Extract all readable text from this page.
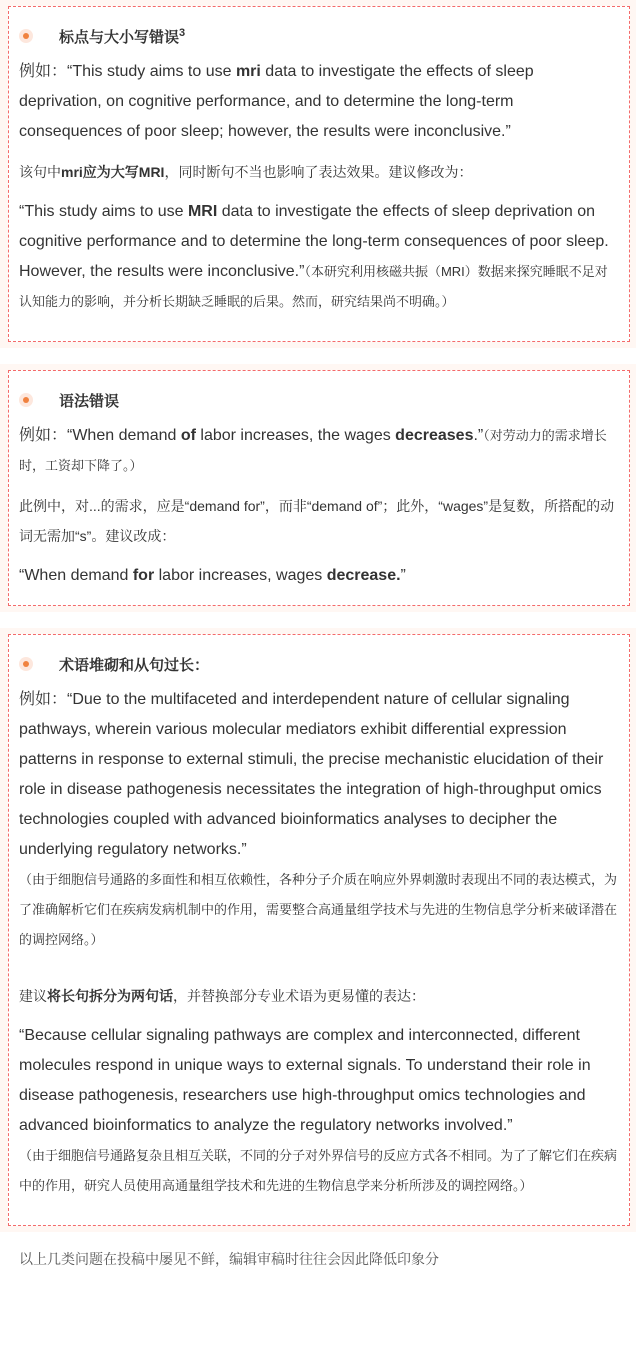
标点与大小写错误$^3$

例如：“This study aims to use mri data to investigate the effects of sleep deprivation, on cognitive performance, and to determine the long-term consequences of poor sleep; however, the results were inconclusive.”

该句中mri应为大写MRI，同时断句不当也影响了表达效果。建议修改为：

“This study aims to use MRI data to investigate the effects of sleep deprivation on cognitive performance and to determine the long-term consequences of poor sleep. However, the results were inconclusive.”（本研究利用核磁共振（MRI）数据来探究睡眠不足对认知能力的影响，并分析长期缺乏睡眠的后果。然而，研究结果尚不明确。）

语法错误

例如：“When demand of labor increases, the wages decreases.”（对劳动力的需求增长时，工资却下降了。）

此例中，对...的需求，应是“demand for”，而非“demand of”；此外，“wages”是复数，所搭配的动词无需加“s”。建议改成：

“When demand for labor increases, wages decrease.”

术语堆砌和从句过长：

例如：“Due to the multifaceted and interdependent nature of cellular signaling pathways, wherein various molecular mediators exhibit differential expression patterns in response to external stimuli, the precise mechanistic elucidation of their role in disease pathogenesis necessitates the integration of high-throughput omics technologies coupled with advanced bioinformatics analyses to decipher the underlying regulatory networks.”
（由于细胞信号通路的多面性和相互依赖性，各种分子介质在响应外界刺激时表现出不同的表达模式，为了准确解析它们在疾病发病机制中的作用，需要整合高通量组学技术与先进的生物信息学分析来破译潜在的调控网络。）

建议将长句拆分为两句话，并替换部分专业术语为更易懂的表达：

“Because cellular signaling pathways are complex and interconnected, different molecules respond in unique ways to external signals. To understand their role in disease pathogenesis, researchers use high-throughput omics technologies and advanced bioinformatics to analyze the regulatory networks involved.”
（由于细胞信号通路复杂且相互关联，不同的分子对外界信号的反应方式各不相同。为了了解它们在疾病中的作用，研究人员使用高通量组学技术和先进的生物信息学来分析所涉及的调控网络。）

以上几类问题在投稿中屡见不鲜，编辑审稿时往往会因此降低印象分
